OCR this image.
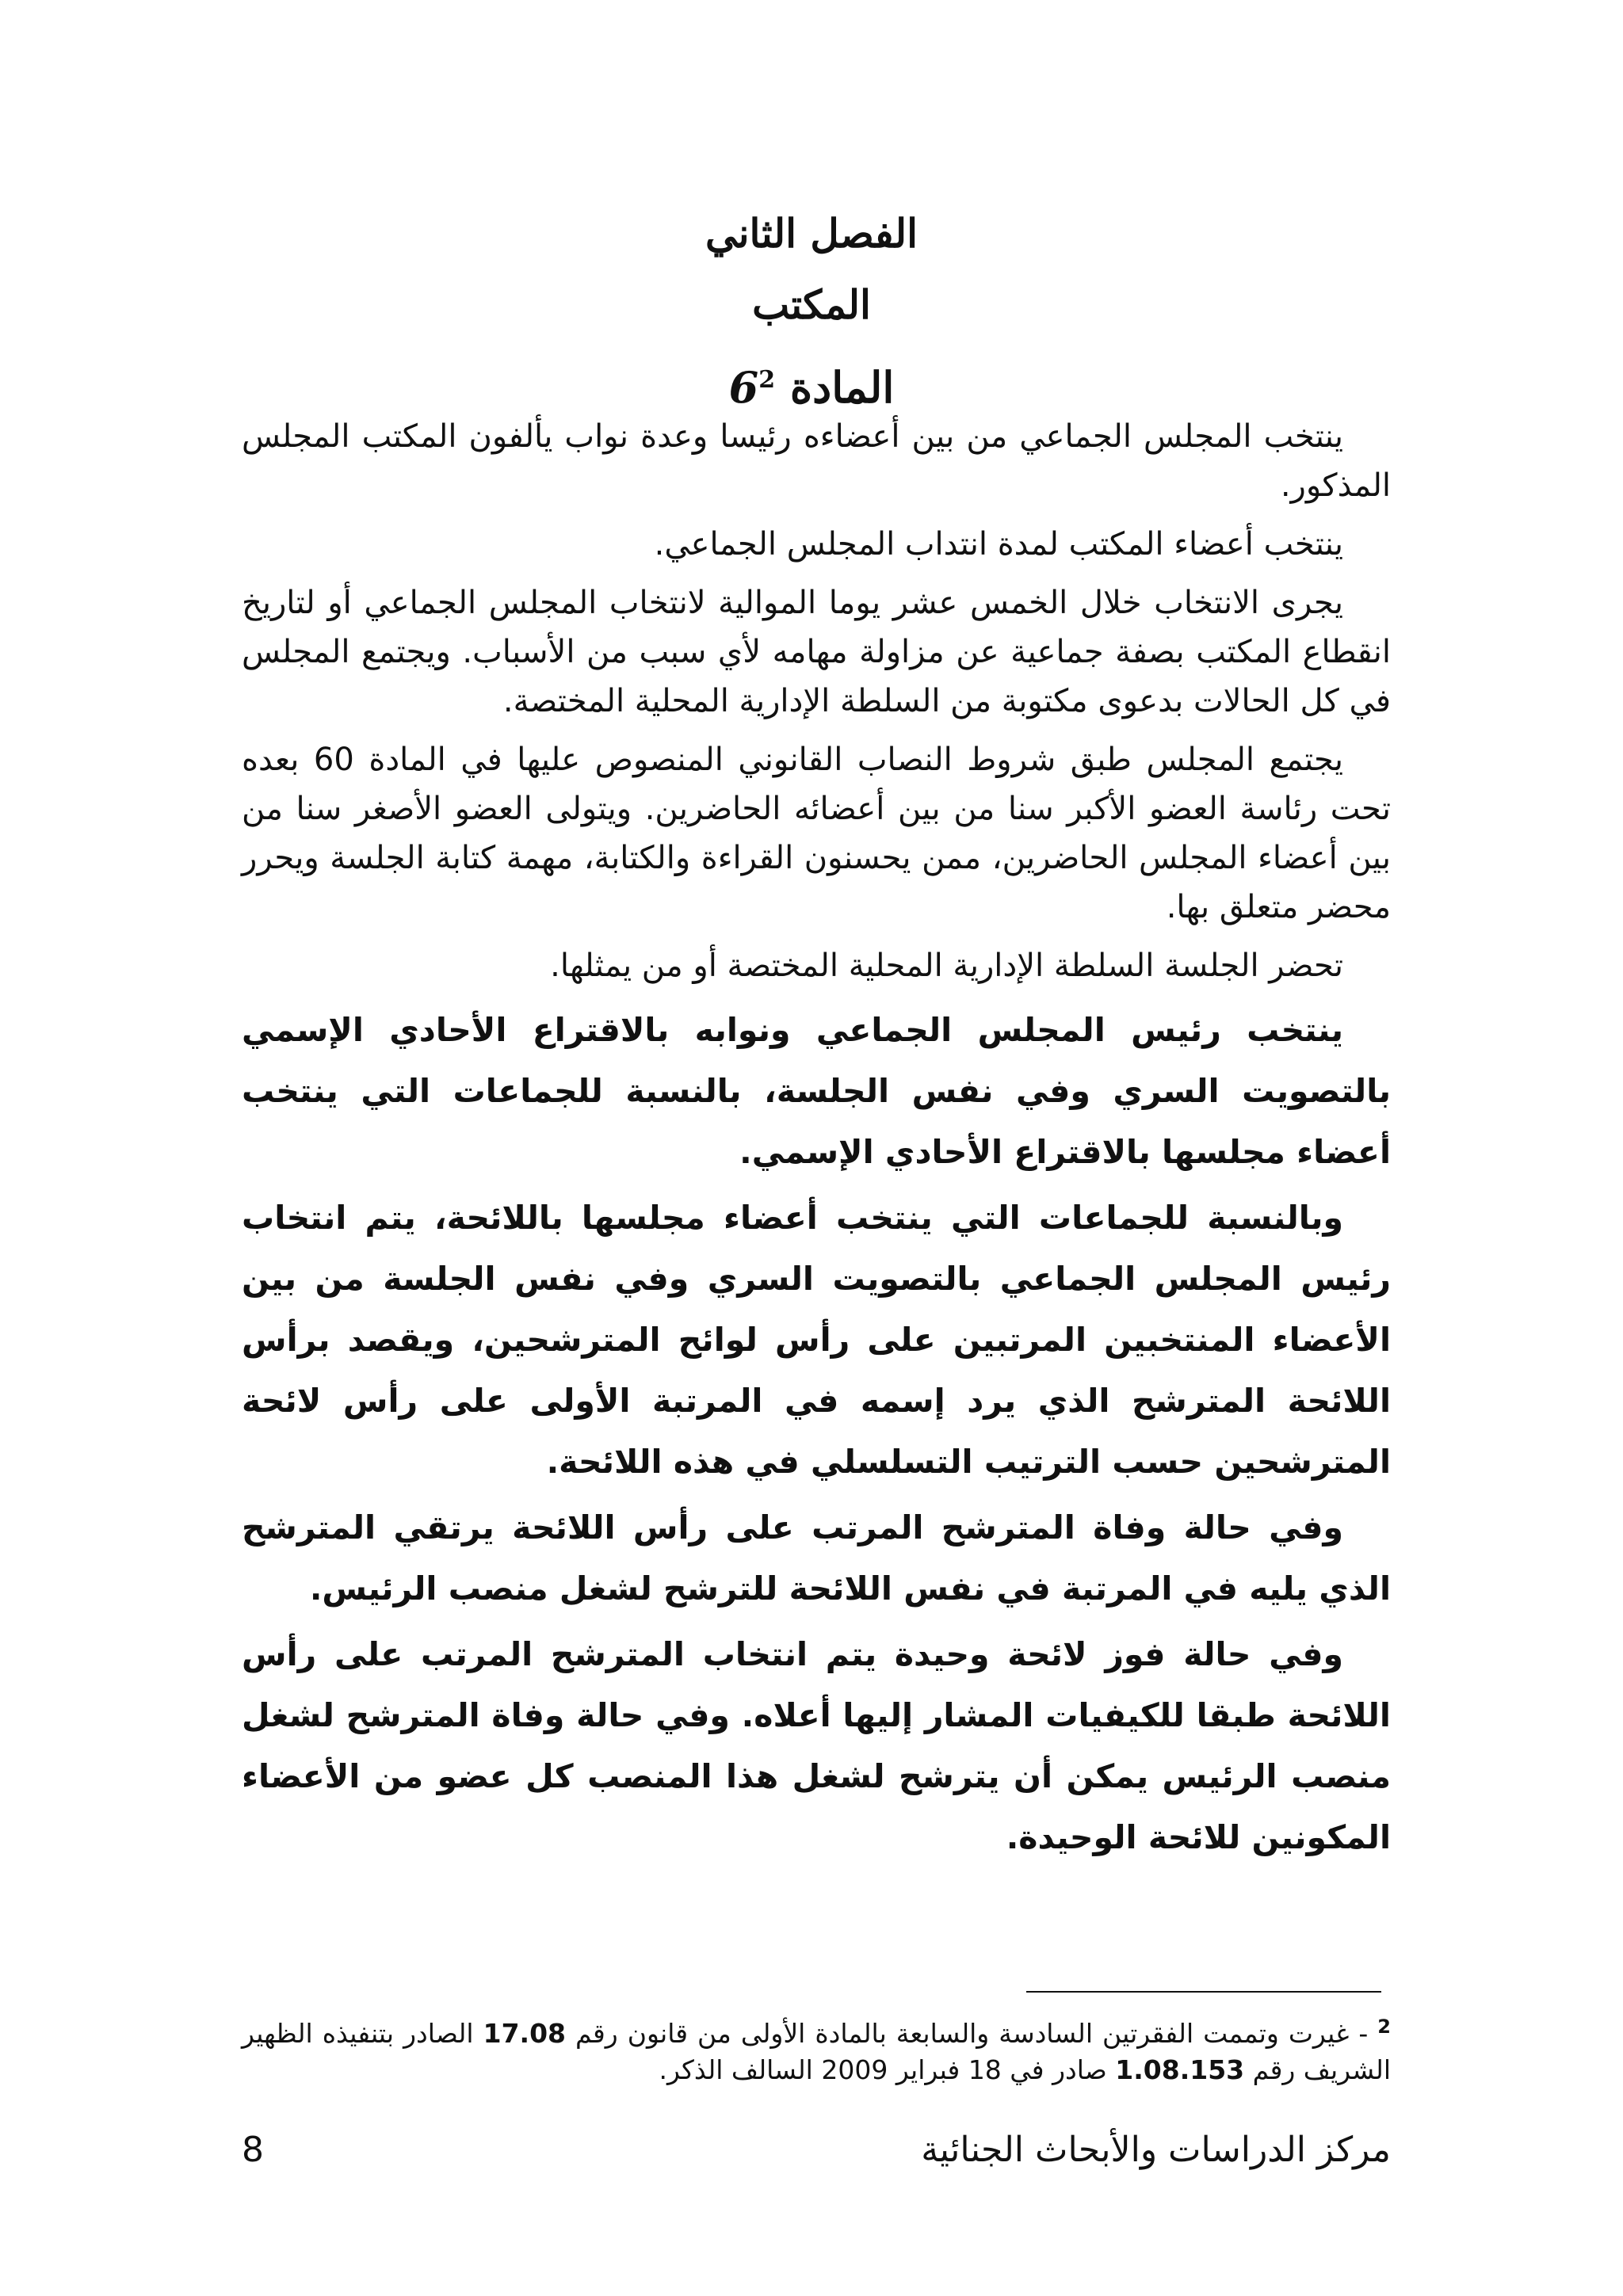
الفصل الثاني
المكتب
المادة $6^2$

ينتخب المجلس الجماعي من بين أعضاءه رئيسا وعدة نواب يألفون المكتب المجلس المذكور.

ينتخب أعضاء المكتب لمدة انتداب المجلس الجماعي.

يجرى الانتخاب خلال الخمس عشر يوما الموالية لانتخاب المجلس الجماعي أو لتاريخ انقطاع المكتب بصفة جماعية عن مزاولة مهامه لأي سبب من الأسباب. ويجتمع المجلس في كل الحالات بدعوى مكتوبة من السلطة الإدارية المحلية المختصة.

يجتمع المجلس طبق شروط النصاب القانوني المنصوص عليها في المادة 60 بعده تحت رئاسة العضو الأكبر سنا من بين أعضائه الحاضرين. ويتولى العضو الأصغر سنا من بين أعضاء المجلس الحاضرين، ممن يحسنون القراءة والكتابة، مهمة كتابة الجلسة ويحرر محضر متعلق بها.

تحضر الجلسة السلطة الإدارية المحلية المختصة أو من يمثلها.

ينتخب رئيس المجلس الجماعي ونوابه بالاقتراع الأحادي الإسمي بالتصويت السري وفي نفس الجلسة، بالنسبة للجماعات التي ينتخب أعضاء مجلسها بالاقتراع الأحادي الإسمي.

وبالنسبة للجماعات التي ينتخب أعضاء مجلسها باللائحة، يتم انتخاب رئيس المجلس الجماعي بالتصويت السري وفي نفس الجلسة من بين الأعضاء المنتخبين المرتبين على رأس لوائح المترشحين، ويقصد برأس اللائحة المترشح الذي يرد إسمه في المرتبة الأولى على رأس لائحة المترشحين حسب الترتيب التسلسلي في هذه اللائحة.

وفي حالة وفاة المترشح المرتب على رأس اللائحة يرتقي المترشح الذي يليه في المرتبة في نفس اللائحة للترشح لشغل منصب الرئيس.

وفي حالة فوز لائحة وحيدة يتم انتخاب المترشح المرتب على رأس اللائحة طبقا للكيفيات المشار إليها أعلاه. وفي حالة وفاة المترشح لشغل منصب الرئيس يمكن أن يترشح لشغل هذا المنصب كل عضو من الأعضاء المكونين للائحة الوحيدة.

$^2$ - غيرت وتممت الفقرتين السادسة والسابعة بالمادة الأولى من قانون رقم 17.08 الصادر بتنفيذه الظهير الشريف رقم 1.08.153 صادر في 18 فبراير 2009 السالف الذكر.
مركز الدراسات والأبحاث الجنائية
8
